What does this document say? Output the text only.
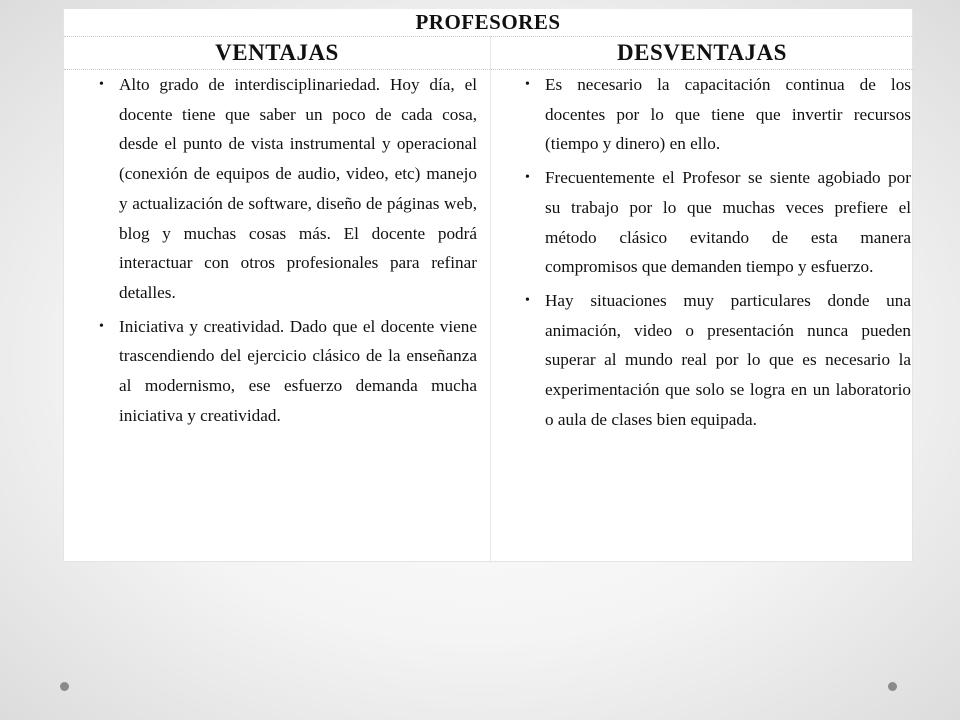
PROFESORES
VENTAJAS	DESVENTAJAS
• Alto grado de interdisciplinariedad. Hoy día, el docente tiene que saber un poco de cada cosa, desde el punto de vista instrumental y operacional (conexión de equipos de audio, video, etc) manejo y actualización de software, diseño de páginas web, blog y muchas cosas más. El docente podrá interactuar con otros profesionales para refinar detalles.
• Iniciativa y creatividad. Dado que el docente viene trascendiendo del ejercicio clásico de la enseñanza al modernismo, ese esfuerzo demanda mucha iniciativa y creatividad.
• Es necesario la capacitación continua de los docentes por lo que tiene que invertir recursos (tiempo y dinero) en ello.
• Frecuentemente el Profesor se siente agobiado por su trabajo por lo que muchas veces prefiere el método clásico evitando de esta manera compromisos que demanden tiempo y esfuerzo.
• Hay situaciones muy particulares donde una animación, video o presentación nunca pueden superar al mundo real por lo que es necesario la experimentación que solo se logra en un laboratorio o aula de clases bien equipada.
